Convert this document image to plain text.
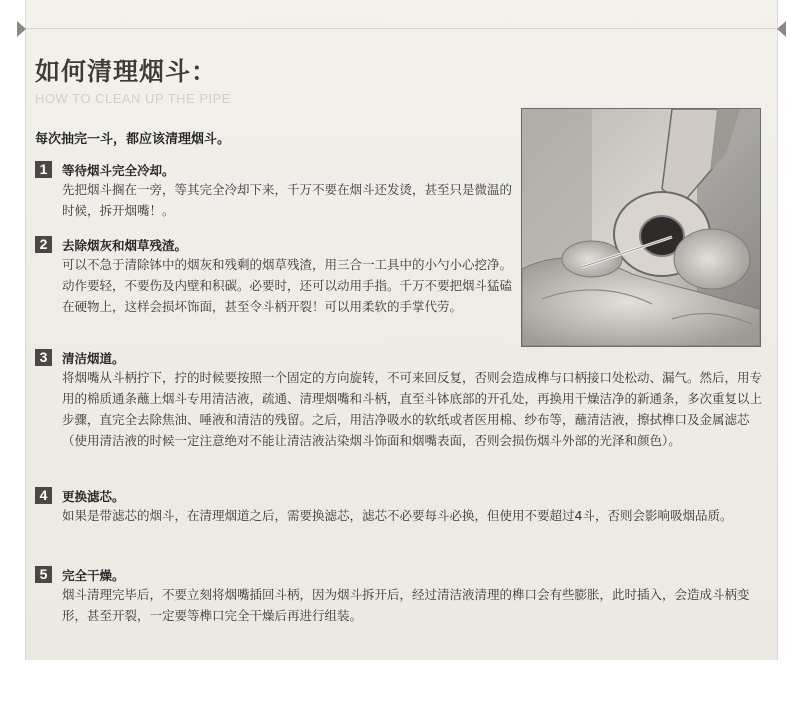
如何清理烟斗：
HOW TO CLEAN UP THE PIPE
每次抽完一斗，都应该清理烟斗。
1	等待烟斗完全冷却。
先把烟斗搁在一旁，等其完全冷却下来，千万不要在烟斗还发烫，甚至只是微温的时候，拆开烟嘴！。
2	去除烟灰和烟草残渣。
可以不急于清除钵中的烟灰和残剩的烟草残渣，用三合一工具中的小勺小心挖净。动作要轻，不要伤及内壁和积碳。必要时，还可以动用手指。千万不要把烟斗猛磕在硬物上，这样会损坏饰面，甚至令斗柄开裂！可以用柔软的手掌代劳。
3	清洁烟道。
将烟嘴从斗柄拧下，拧的时候要按照一个固定的方向旋转，不可来回反复，否则会造成榫与口柄接口处松动、漏气。然后，用专用的棉质通条蘸上烟斗专用清洁液，疏通、清理烟嘴和斗柄，直至斗钵底部的开孔处，再换用干燥洁净的新通条，多次重复以上步骤，直完全去除焦油、唾液和清洁的残留。之后，用洁净吸水的软纸或者医用棉、纱布等，蘸清洁液，擦拭榫口及金属滤芯（使用清洁液的时候一定注意绝对不能让清洁液沾染烟斗饰面和烟嘴表面，否则会损伤烟斗外部的光泽和颜色）。
4	更换滤芯。
如果是带滤芯的烟斗，在清理烟道之后，需要换滤芯，滤芯不必要每斗必换，但使用不要超过4斗，否则会影响吸烟品质。
5	完全干燥。
烟斗清理完毕后，不要立刻将烟嘴插回斗柄，因为烟斗拆开后，经过清洁液清理的榫口会有些膨胀，此时插入，会造成斗柄变形，甚至开裂，一定要等榫口完全干燥后再进行组装。
